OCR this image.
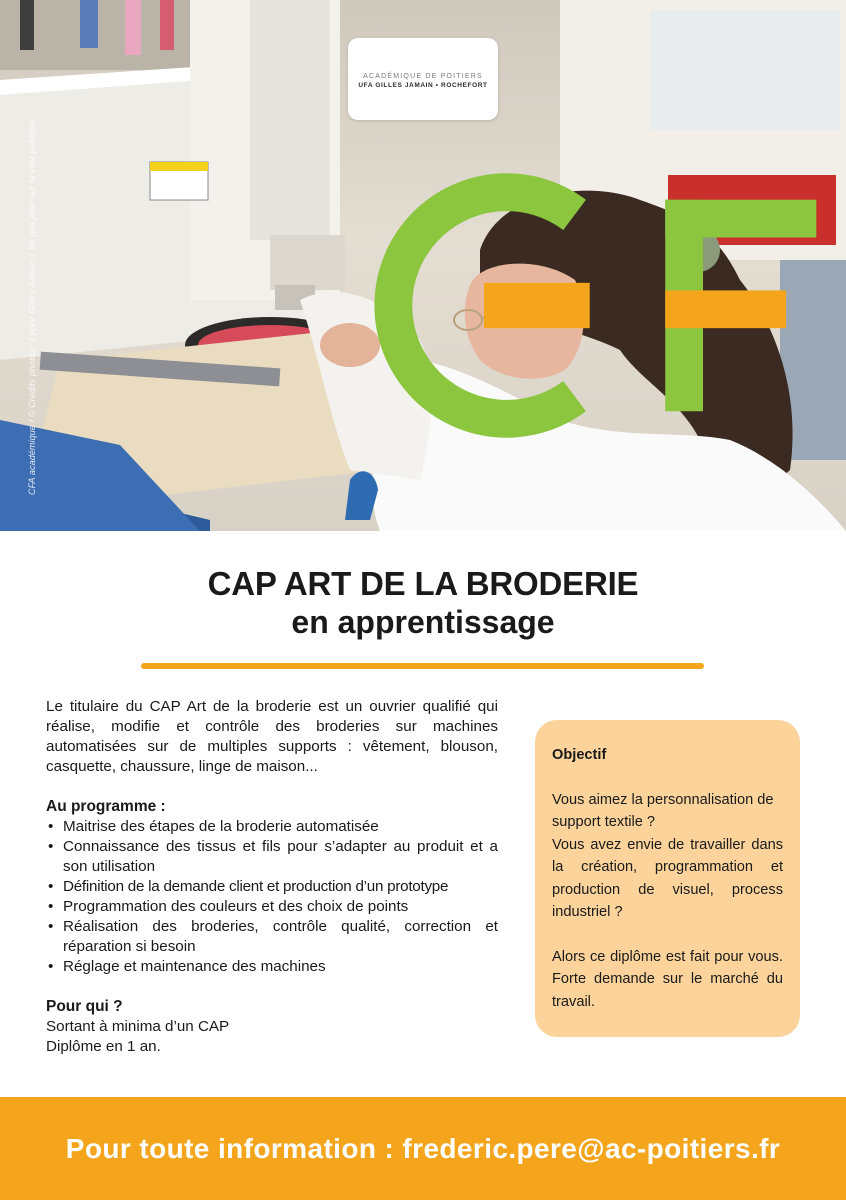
CFA académique / © Crédits photos : Lycée Gilles Jamain / Ne pas jeter sur la voie publique
ACADÉMIQUE DE POITIERS
UFA GILLES JAMAIN • ROCHEFORT
CAP ART DE LA BRODERIE
en apprentissage

Le titulaire du CAP Art de la broderie est un ouvrier qualifié qui réalise, modifie et contrôle des broderies sur machines automatisées sur de multiples supports : vêtement, blouson, casquette, chaussure, linge de maison...

Au programme :
• Maitrise des étapes de la broderie automatisée
• Connaissance des tissus et fils pour s’adapter au produit et a son utilisation
• Définition de la demande client et production d’un prototype
• Programmation des couleurs et des choix de points
• Réalisation des broderies, contrôle qualité, correction et réparation si besoin
• Réglage et maintenance des machines
Pour qui ?
Sortant à minima d’un CAP
Diplôme en 1 an.
Objectif

Vous aimez la personnalisation de support textile ?

Vous avez envie de travailler dans la création, programmation et production de visuel, process industriel ?

Alors ce diplôme est fait pour vous. Forte demande sur le marché du travail.

Pour toute information : frederic.pere@ac-poitiers.fr
